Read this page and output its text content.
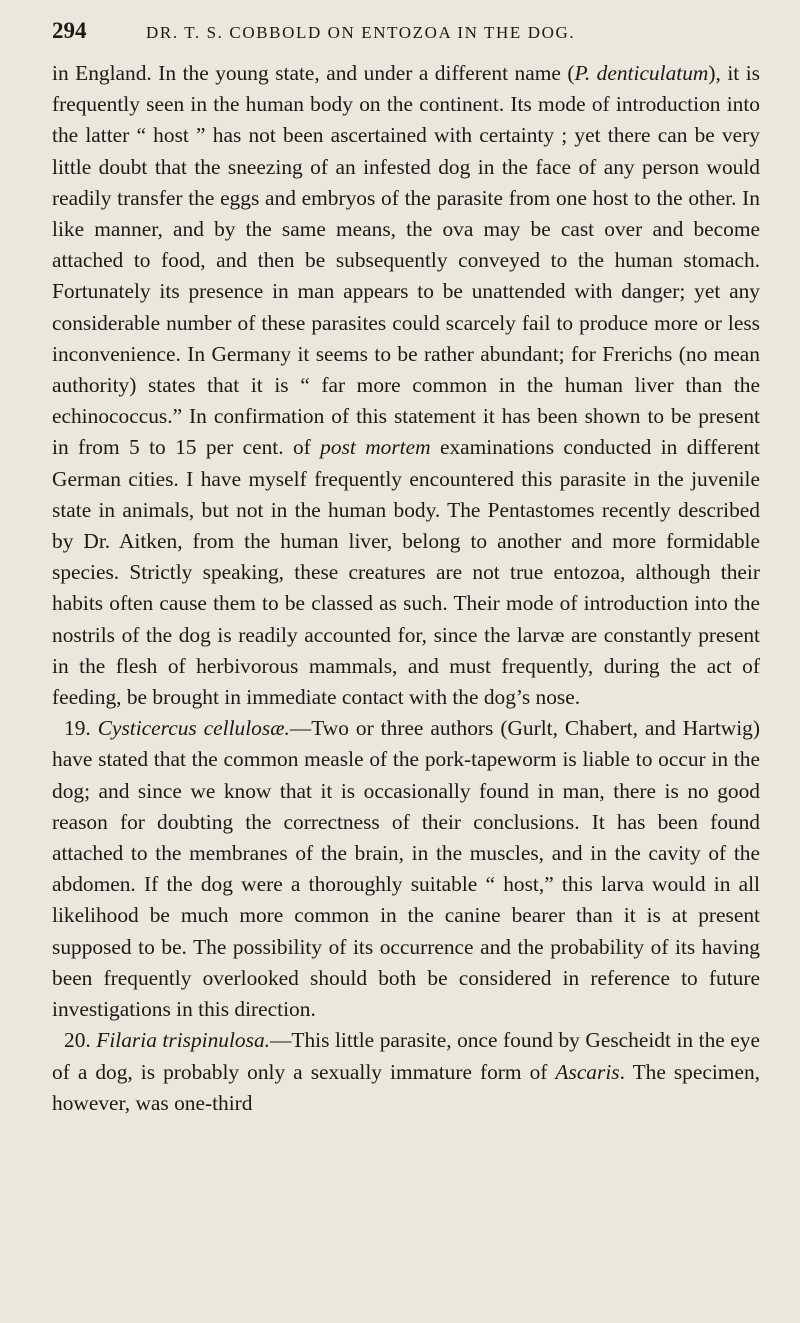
294	DR. T. S. COBBOLD ON ENTOZOA IN THE DOG.

in England. In the young state, and under a different name (P. denticulatum), it is frequently seen in the human body on the continent. Its mode of introduction into the latter “ host ” has not been ascertained with certainty ; yet there can be very little doubt that the sneezing of an infested dog in the face of any person would readily transfer the eggs and embryos of the parasite from one host to the other. In like manner, and by the same means, the ova may be cast over and become attached to food, and then be subsequently conveyed to the human stomach. Fortunately its presence in man appears to be unattended with danger; yet any considerable number of these parasites could scarcely fail to produce more or less inconvenience. In Germany it seems to be rather abundant; for Frerichs (no mean authority) states that it is “ far more common in the human liver than the echinococcus.” In confirmation of this statement it has been shown to be present in from 5 to 15 per cent. of post mortem examinations conducted in different German cities. I have myself frequently encountered this parasite in the juvenile state in animals, but not in the human body. The Pentastomes recently described by Dr. Aitken, from the human liver, belong to another and more formidable species. Strictly speaking, these creatures are not true entozoa, although their habits often cause them to be classed as such. Their mode of introduction into the nostrils of the dog is readily accounted for, since the larvæ are constantly present in the flesh of herbivorous mammals, and must frequently, during the act of feeding, be brought in immediate contact with the dog’s nose.

19. Cysticercus cellulosæ.—Two or three authors (Gurlt, Chabert, and Hartwig) have stated that the common measle of the pork-tapeworm is liable to occur in the dog; and since we know that it is occasionally found in man, there is no good reason for doubting the correctness of their conclusions. It has been found attached to the membranes of the brain, in the muscles, and in the cavity of the abdomen. If the dog were a thoroughly suitable “ host,” this larva would in all likelihood be much more common in the canine bearer than it is at present supposed to be. The possibility of its occurrence and the probability of its having been frequently overlooked should both be considered in reference to future investigations in this direction.

20. Filaria trispinulosa.—This little parasite, once found by Gescheidt in the eye of a dog, is probably only a sexually immature form of Ascaris. The specimen, however, was one-third
